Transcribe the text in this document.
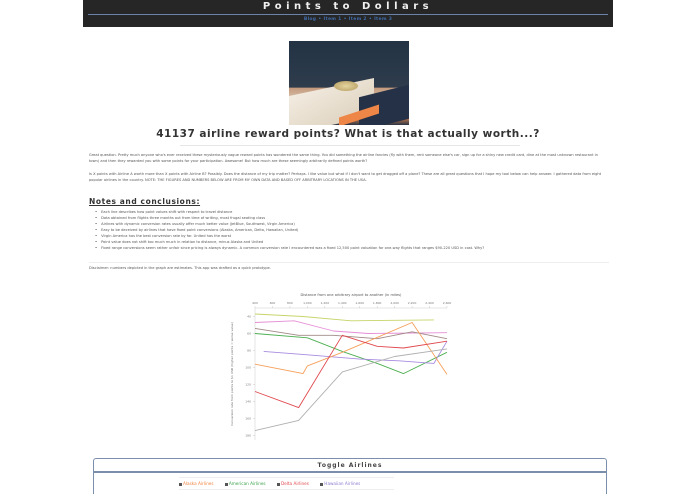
Points to Dollars
Blog • Item 1 • Item 2 • Item 3
41137 airline reward points? What is that actually worth...?

Great question. Pretty much anyone who's ever received these mysteriously vague reward points has wondered the same thing. You did something the airline fancies (fly with them, rent someone else's car, sign up for a shiny new credit card, dine at the most unknown restaurant in town) and then they rewarded you with some points for your participation. Awesome! But how much are these seemingly arbitrarily defined points worth?

Is X points with Airline A worth more than X points with Airline B? Possibly. Does the distance of my trip matter? Perhaps. I like value but what if I don't want to get dragged off a plane? These are all great questions that I hope my tool below can help answer. I gathered data from eight popular airlines in the country. NOTE: THE FIGURES AND NUMBERS BELOW ARE FROM MY OWN DATA AND BASED OFF ARBITRARY LOCATIONS IN THE USA.

Notes and conclusions:
• Each line describes how point values shift with respect to travel distance
• Data obtained from flights three months out from time of writing, most frugal seating class
• Airlines with dynamic conversion rates usually offer much better value (JetBlue, Southwest, Virgin America)
• Easy to be deceived by airlines that have fixed point conversions (Alaska, American, Delta, Hawaiian, United)
• Virgin America has the best conversion rate by far. United has the worst
• Point value does not shift too much much in relation to distance, minus Alaska and United
• Fixed range conversions seem rather unfair since pricing is always dynamic. A common conversion rate I encountered was a fixed 12,500 point valuation for one-way flights that ranges $90-220 USD in cost. Why?

Disclaimer: numbers depicted in the graph are estimates. This app was drafted as a quick prototype.

Distance from one arbitrary airport to another (in miles)
400	600	800	1,000	1,200	1,400	1,600	1,800	2,000	2,200	2,400	2,600
40
60
80
100
120
140
160
180
Conversion rate from points to $1 USD (higher points = worse value)
Toggle Airlines
Alaska Airlines	American Airlines	Delta Airlines	Hawaiian Airlines
